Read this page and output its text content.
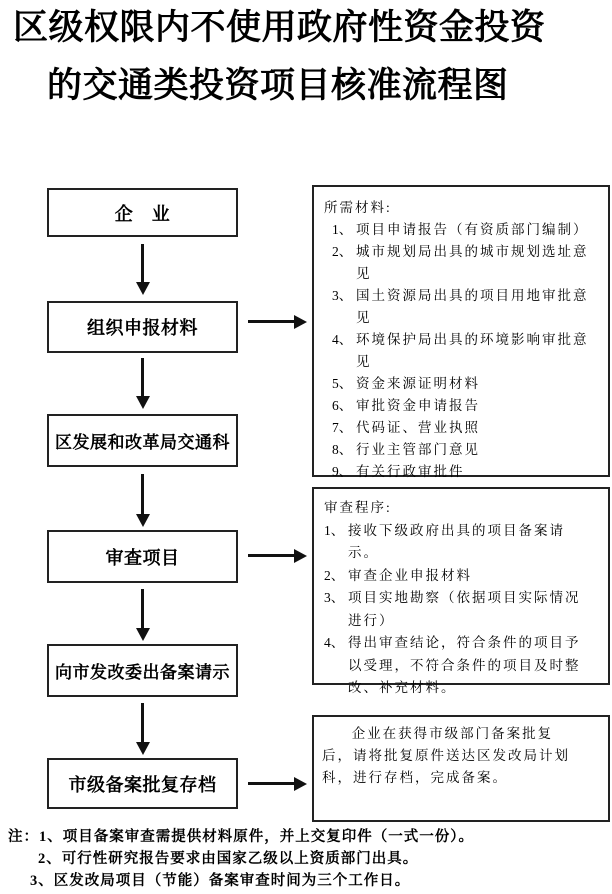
区级权限内不使用政府性资金投资
的交通类投资项目核准流程图
企　业
组织申报材料
区发展和改革局交通科
审查项目
向市发改委出备案请示
市级备案批复存档
所需材料:
1、 项目申请报告（有资质部门编制）
2、 城市规划局出具的城市规划选址意见
3、 国土资源局出具的项目用地审批意见
4、 环境保护局出具的环境影响审批意见
5、 资金来源证明材料
6、 审批资金申请报告
7、 代码证、营业执照
8、 行业主管部门意见
9、 有关行政审批件
审查程序:
1、 接收下级政府出具的项目备案请示。
2、 审查企业申报材料
3、 项目实地勘察（依据项目实际情况进行）
4、 得出审查结论，符合条件的项目予以受理，不符合条件的项目及时整改、补充材料。
企业在获得市级部门备案批复后，请将批复原件送达区发改局计划科，进行存档，完成备案。
注：1、项目备案审查需提供材料原件，并上交复印件（一式一份）。
2、可行性研究报告要求由国家乙级以上资质部门出具。
3、区发改局项目（节能）备案审查时间为三个工作日。
